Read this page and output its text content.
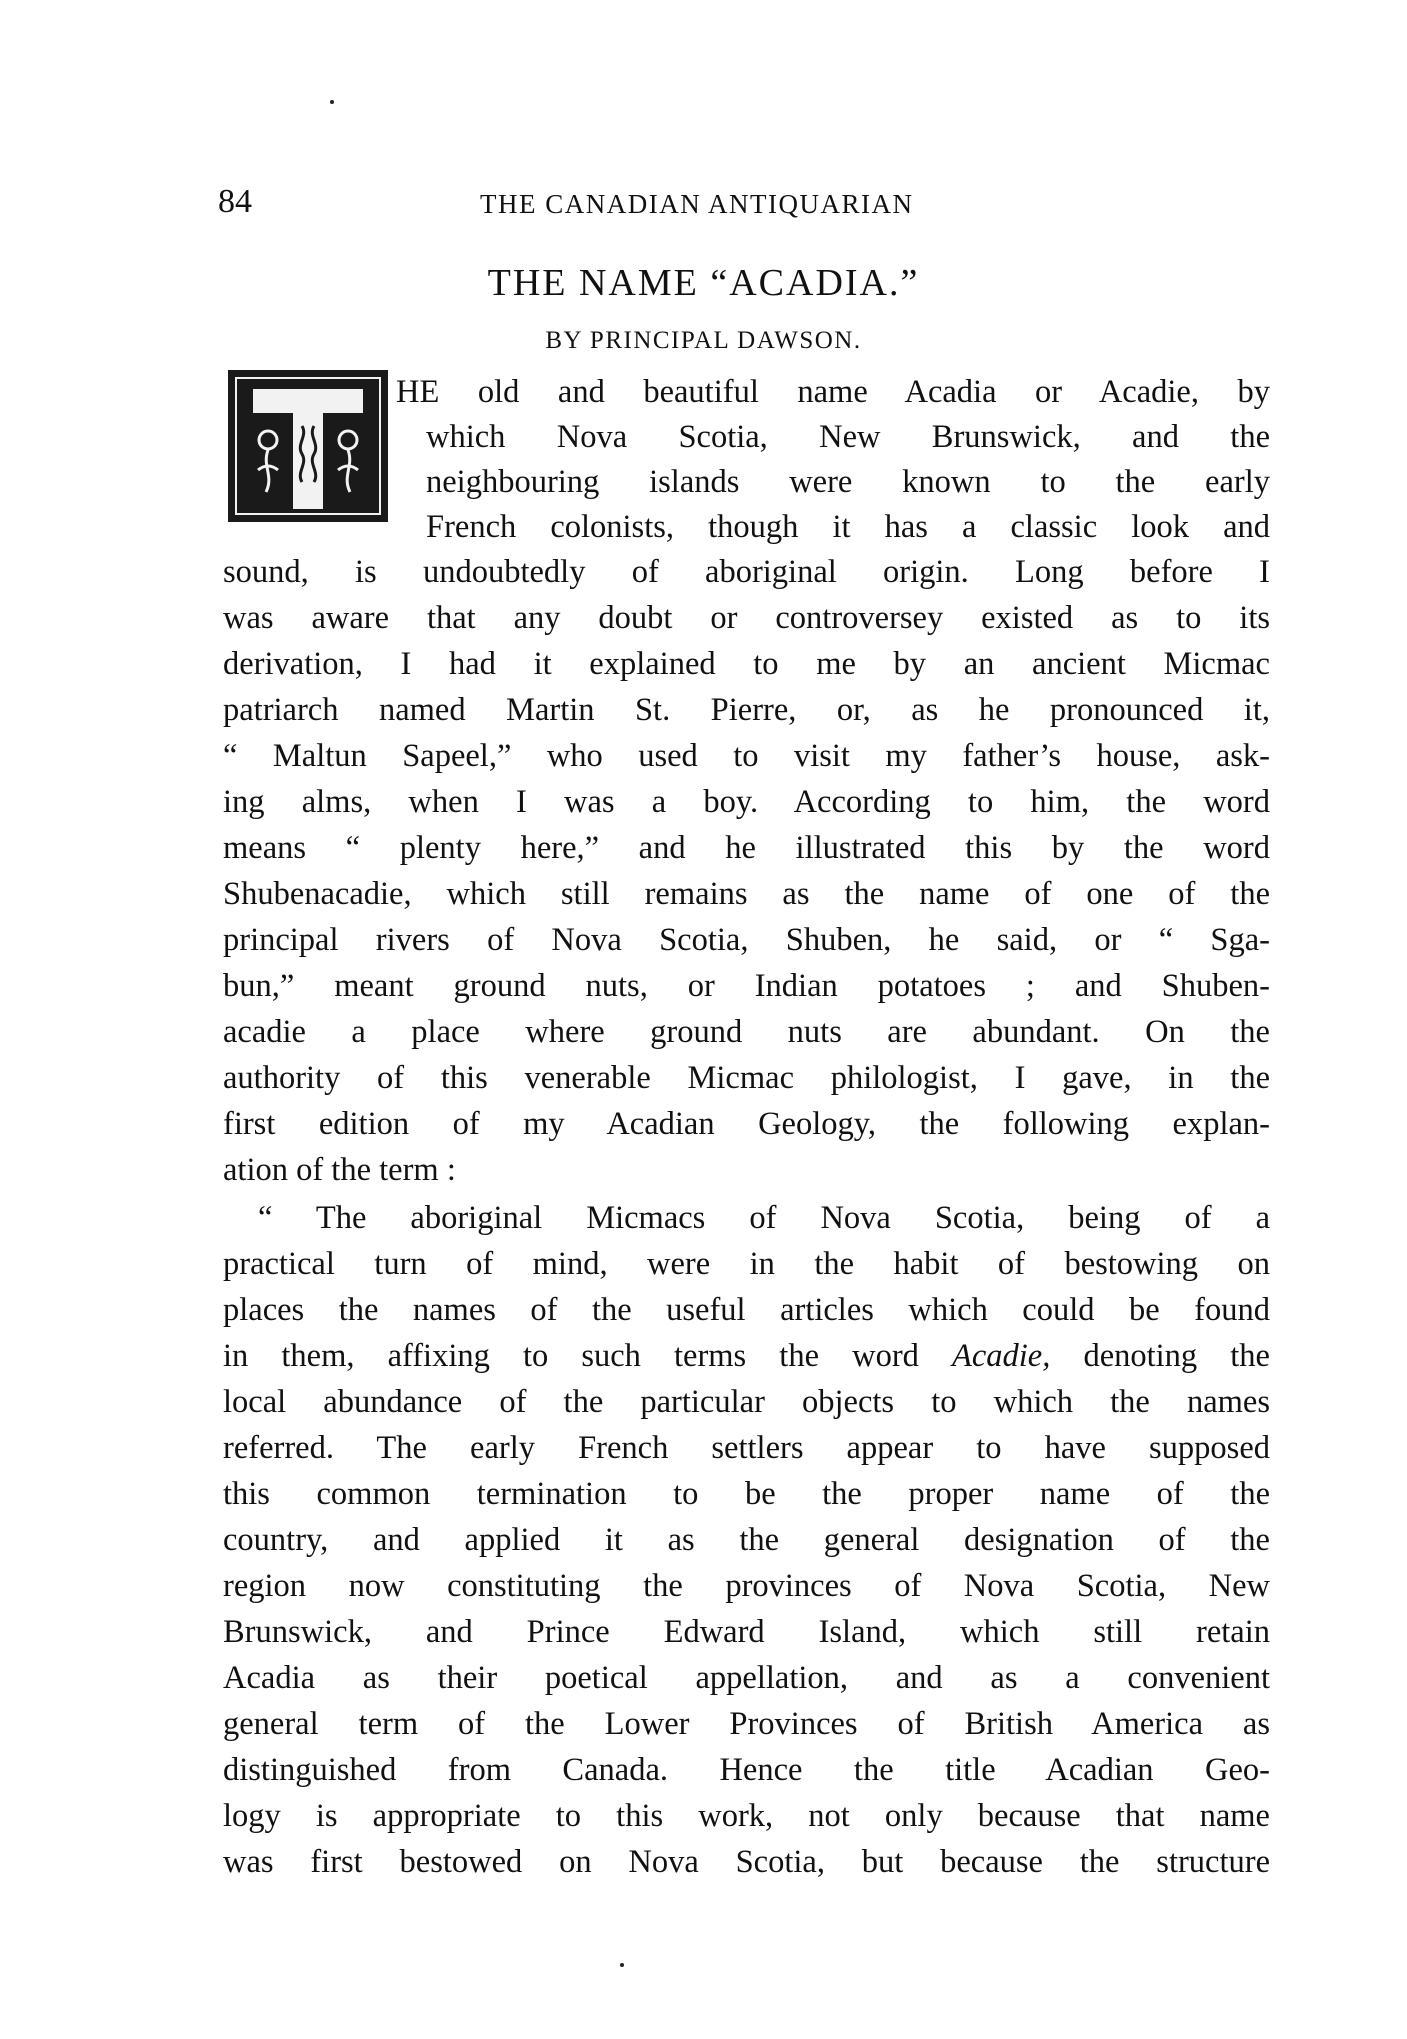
84	THE CANADIAN ANTIQUARIAN
THE NAME “ACADIA.”
BY PRINCIPAL DAWSON.
HE old and beautiful name Acadia or Acadie, by
which Nova Scotia, New Brunswick, and the
neighbouring islands were known to the early
French colonists, though it has a classic look and
sound, is undoubtedly of aboriginal origin. Long before I
was aware that any doubt or controversey existed as to its
derivation, I had it explained to me by an ancient Micmac
patriarch named Martin St. Pierre, or, as he pronounced it,
“ Maltun Sapeel,” who used to visit my father’s house, ask-
ing alms, when I was a boy. According to him, the word
means “ plenty here,” and he illustrated this by the word
Shubenacadie, which still remains as the name of one of the
principal rivers of Nova Scotia, Shuben, he said, or “ Sga-
bun,” meant ground nuts, or Indian potatoes ; and Shuben-
acadie a place where ground nuts are abundant. On the
authority of this venerable Micmac philologist, I gave, in the
first edition of my Acadian Geology, the following explan-
ation of the term :
“ The aboriginal Micmacs of Nova Scotia, being of a
practical turn of mind, were in the habit of bestowing on
places the names of the useful articles which could be found
in them, affixing to such terms the word Acadie, denoting the
local abundance of the particular objects to which the names
referred. The early French settlers appear to have supposed
this common termination to be the proper name of the
country, and applied it as the general designation of the
region now constituting the provinces of Nova Scotia, New
Brunswick, and Prince Edward Island, which still retain
Acadia as their poetical appellation, and as a convenient
general term of the Lower Provinces of British America as
distinguished from Canada. Hence the title Acadian Geo-
logy is appropriate to this work, not only because that name
was first bestowed on Nova Scotia, but because the structure
